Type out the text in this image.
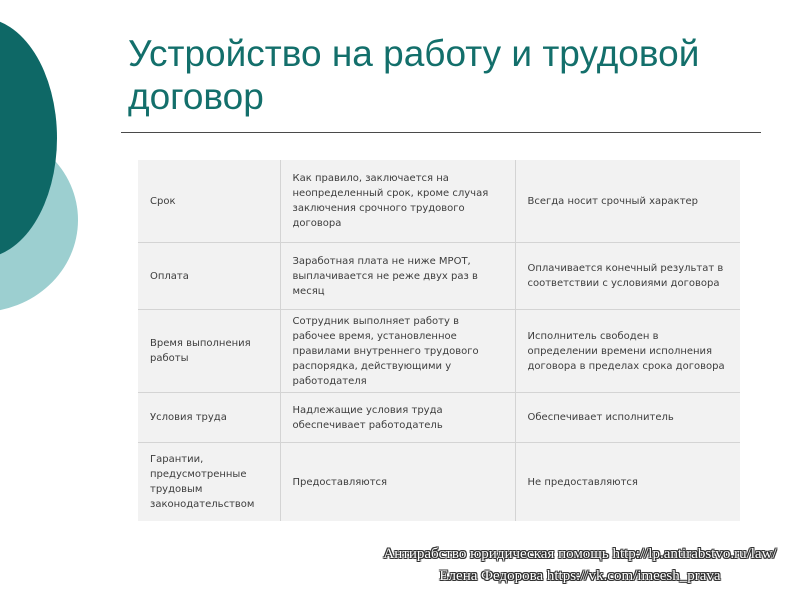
Устройство на работу и трудовой договор
Срок	Как правило, заключается на неопределенный срок, кроме случая заключения срочного трудового договора	Всегда носит срочный характер
Оплата	Заработная плата не ниже МРОТ, выплачивается не реже двух раз в месяц	Оплачивается конечный результат в соответствии с условиями договора
Время выполнения работы	Сотрудник выполняет работу в рабочее время, установленное правилами внутреннего трудового распорядка, действующими у работодателя	Исполнитель свободен в определении времени исполнения договора в пределах срока договора
Условия труда	Надлежащие условия труда обеспечивает работодатель	Обеспечивает исполнитель
Гарантии, предусмотренные трудовым законодательством	Предоставляются	Не предоставляются
Антирабство юридическая помощь http://lp.antirabstvo.ru/law/
Елена Федорова https://vk.com/imeesh_prava
